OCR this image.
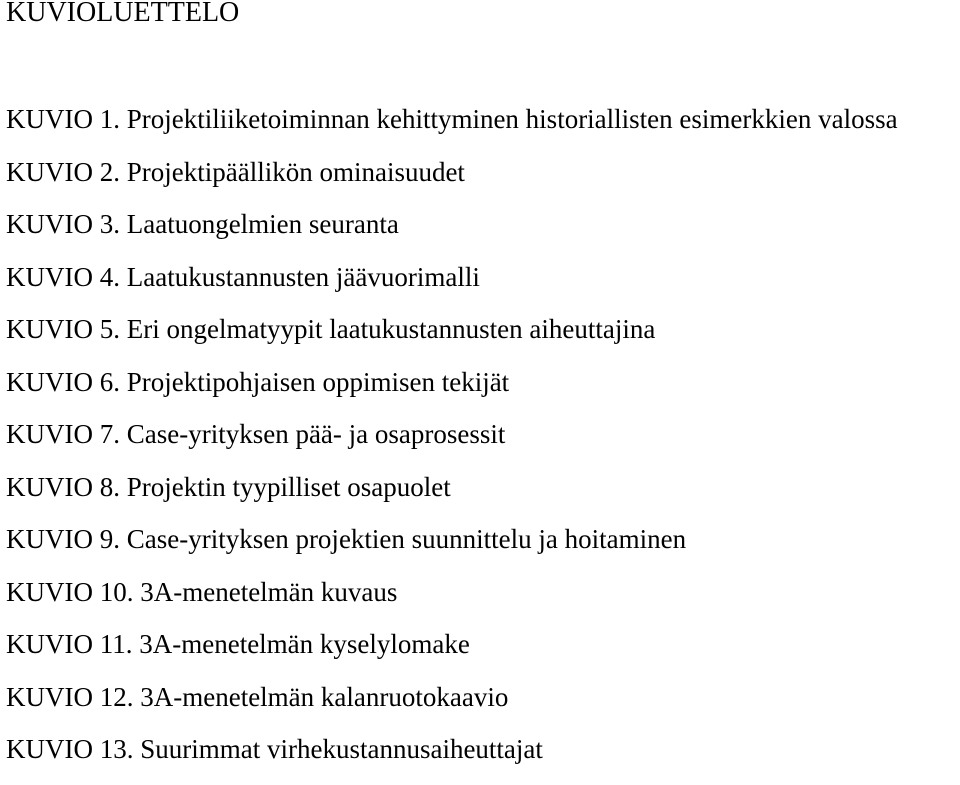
KUVIOLUETTELO
KUVIO 1. Projektiliiketoiminnan kehittyminen historiallisten esimerkkien valossa
KUVIO 2. Projektipäällikön ominaisuudet
KUVIO 3. Laatuongelmien seuranta
KUVIO 4. Laatukustannusten jäävuorimalli
KUVIO 5. Eri ongelmatyypit laatukustannusten aiheuttajina
KUVIO 6. Projektipohjaisen oppimisen tekijät
KUVIO 7. Case-yrityksen pää- ja osaprosessit
KUVIO 8. Projektin tyypilliset osapuolet
KUVIO 9. Case-yrityksen projektien suunnittelu ja hoitaminen
KUVIO 10. 3A-menetelmän kuvaus
KUVIO 11. 3A-menetelmän kyselylomake
KUVIO 12. 3A-menetelmän kalanruotokaavio
KUVIO 13. Suurimmat virhekustannusaiheuttajat
